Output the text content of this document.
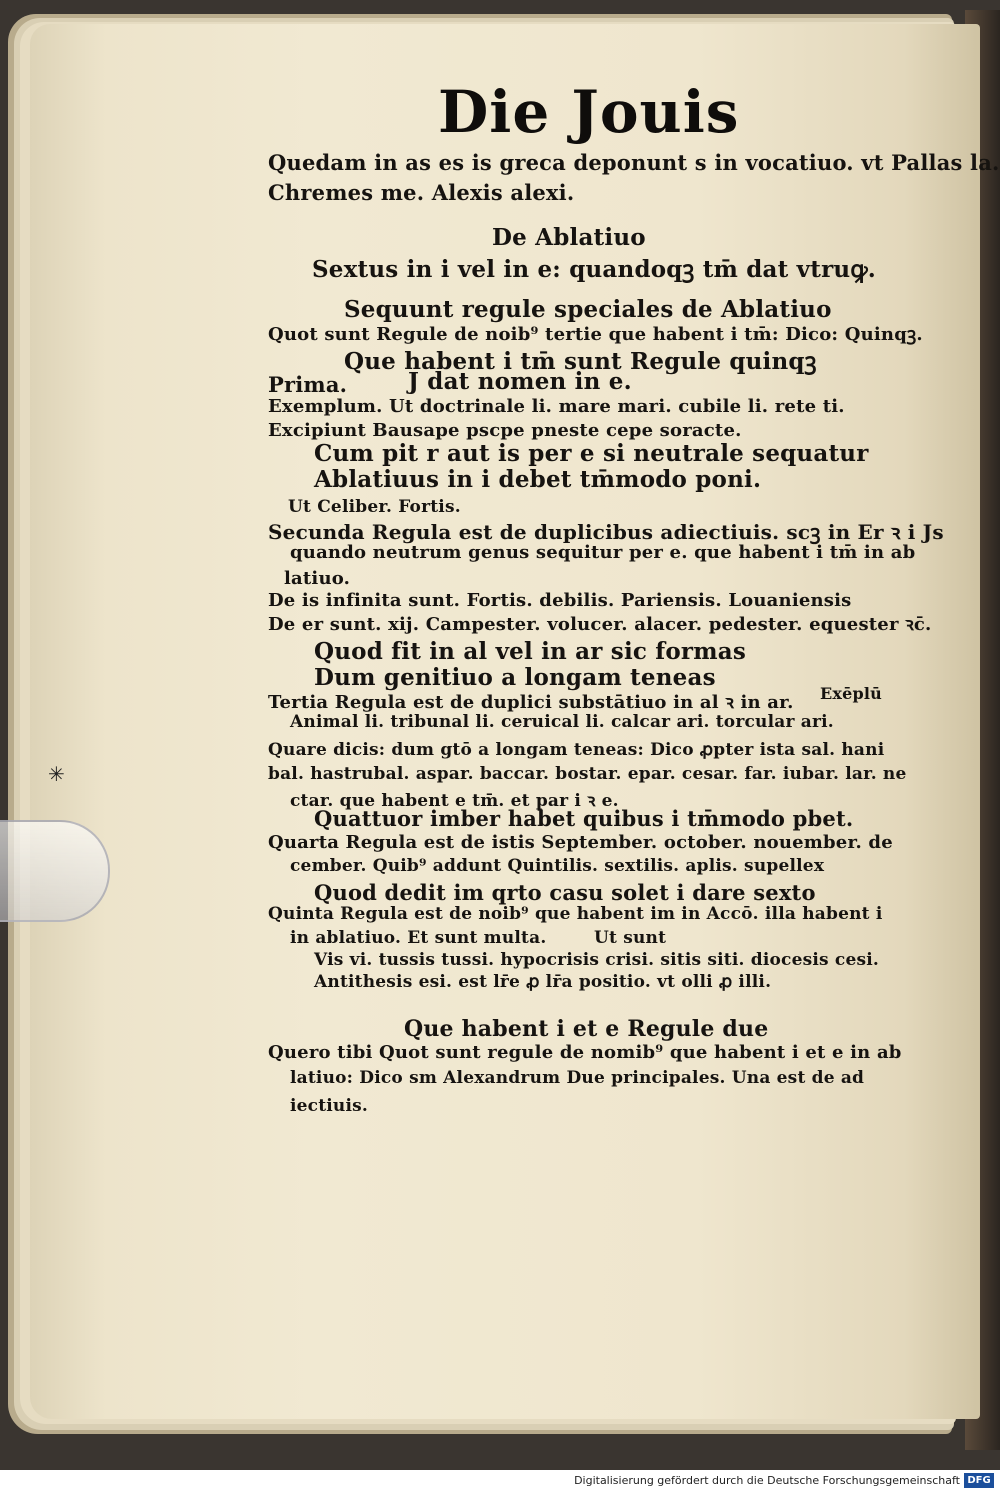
✳
Die Jouis
Quedam in as es is greca deponunt s in vocatiuo. vt Pallas la.
Chremes me. Alexis alexi.
De Ablatiuo
Sextus in i vel in e: quandoqꝫ tm̄ dat vtruꝙ.
Sequunt regule speciales de Ablatiuo
Quot sunt Regule de noib⁹ tertie que habent i tm̄: Dico: Quinqꝫ.
Que habent i tm̄ sunt Regule quinqꝫ
Prima.	J dat nomen in e.
Exemplum. Ut doctrinale li. mare mari. cubile li. rete ti.
Excipiunt Bausape pscpe pneste cepe soracte.
Cum pit r aut is per e si neutrale sequatur
Ablatiuus in i debet tm̄modo poni.
Ut Celiber. Fortis.
Secunda Regula est de duplicibus adiectiuis. scꝫ in Er ꝛ i Js
quando neutrum genus sequitur per e. que habent i tm̄ in ab
latiuo.
De is infinita sunt. Fortis. debilis. Pariensis. Louaniensis
De er sunt. xij. Campester. volucer. alacer. pedester. equester ꝛc̄.
Quod fit in al vel in ar sic formas
Dum genitiuo a longam teneas
Tertia Regula est de duplici substātiuo in al ꝛ in ar. Exēplū
Animal li. tribunal li. ceruical li. calcar ari. torcular ari.
Quare dicis: dum gtō a longam teneas: Dico ꝓpter ista sal. hani
bal. hastrubal. aspar. baccar. bostar. epar. cesar. far. iubar. lar. ne
ctar. que habent e tm̄. et par i ꝛ e.
Quattuor imber habet quibus i tm̄modo pbet.
Quarta Regula est de istis September. october. nouember. de
cember. Quib⁹ addunt Quintilis. sextilis. aplis. supellex
Quod dedit im qrto casu solet i dare sexto
Quinta Regula est de noib⁹ que habent im in Accō. illa habent i
in ablatiuo. Et sunt multa.	Ut sunt
Vis vi. tussis tussi. hypocrisis crisi. sitis siti. diocesis cesi.
Antithesis esi. est lr̄e ꝓ lr̄a positio. vt olli ꝓ illi.
Que habent i et e Regule due
Quero tibi Quot sunt regule de nomib⁹ que habent i et e in ab
latiuo: Dico sm Alexandrum Due principales. Una est de ad
iectiuis.
Digitalisierung gefördert durch die Deutsche Forschungsgemeinschaft DFG
